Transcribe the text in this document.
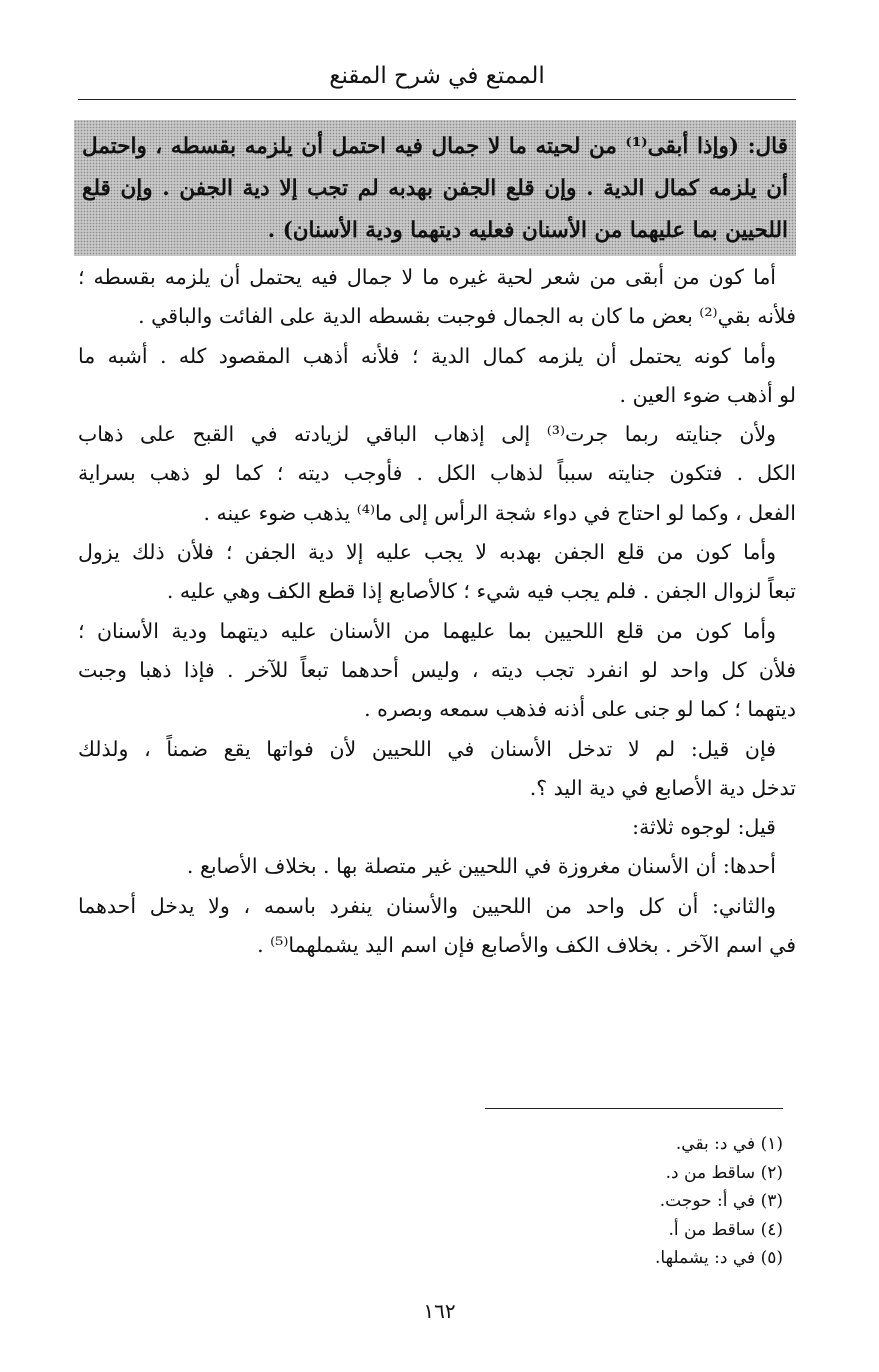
الممتع في شرح المقنع
قال: (وإذا أبقى⁽¹⁾ من لحيته ما لا جمال فيه احتمل أن يلزمه بقسطه ، واحتمل
أن يلزمه كمال الدية . وإن قلع الجفن بهدبه لم تجب إلا دية الجفن . وإن قلع
اللحيين بما عليهما من الأسنان فعليه ديتهما ودية الأسنان) .
أما كون من أبقى من شعر لحية غيره ما لا جمال فيه يحتمل أن يلزمه بقسطه ؛
فلأنه بقي⁽²⁾ بعض ما كان به الجمال فوجبت بقسطه الدية على الفائت والباقي .
وأما كونه يحتمل أن يلزمه كمال الدية ؛ فلأنه أذهب المقصود كله . أشبه ما
لو أذهب ضوء العين .
ولأن جنايته ربما جرت⁽³⁾ إلى إذهاب الباقي لزيادته في القبح على ذهاب
الكل . فتكون جنايته سبباً لذهاب الكل . فأوجب ديته ؛ كما لو ذهب بسراية
الفعل ، وكما لو احتاج في دواء شجة الرأس إلى ما⁽⁴⁾ يذهب ضوء عينه .
وأما كون من قلع الجفن بهدبه لا يجب عليه إلا دية الجفن ؛ فلأن ذلك يزول
تبعاً لزوال الجفن . فلم يجب فيه شيء ؛ كالأصابع إذا قطع الكف وهي عليه .
وأما كون من قلع اللحيين بما عليهما من الأسنان عليه ديتهما ودية الأسنان ؛
فلأن كل واحد لو انفرد تجب ديته ، وليس أحدهما تبعاً للآخر . فإذا ذهبا وجبت
ديتهما ؛ كما لو جنى على أذنه فذهب سمعه وبصره .
فإن قيل: لم لا تدخل الأسنان في اللحيين لأن فواتها يقع ضمناً ، ولذلك
تدخل دية الأصابع في دية اليد ؟.
قيل: لوجوه ثلاثة:
أحدها: أن الأسنان مغروزة في اللحيين غير متصلة بها . بخلاف الأصابع .
والثاني: أن كل واحد من اللحيين والأسنان ينفرد باسمه ، ولا يدخل أحدهما
في اسم الآخر . بخلاف الكف والأصابع فإن اسم اليد يشملهما⁽⁵⁾ .
(١) في د: بقي.
(٢) ساقط من د.
(٣) في أ: حوجت.
(٤) ساقط من أ.
(٥) في د: يشملها.
١٦٢
